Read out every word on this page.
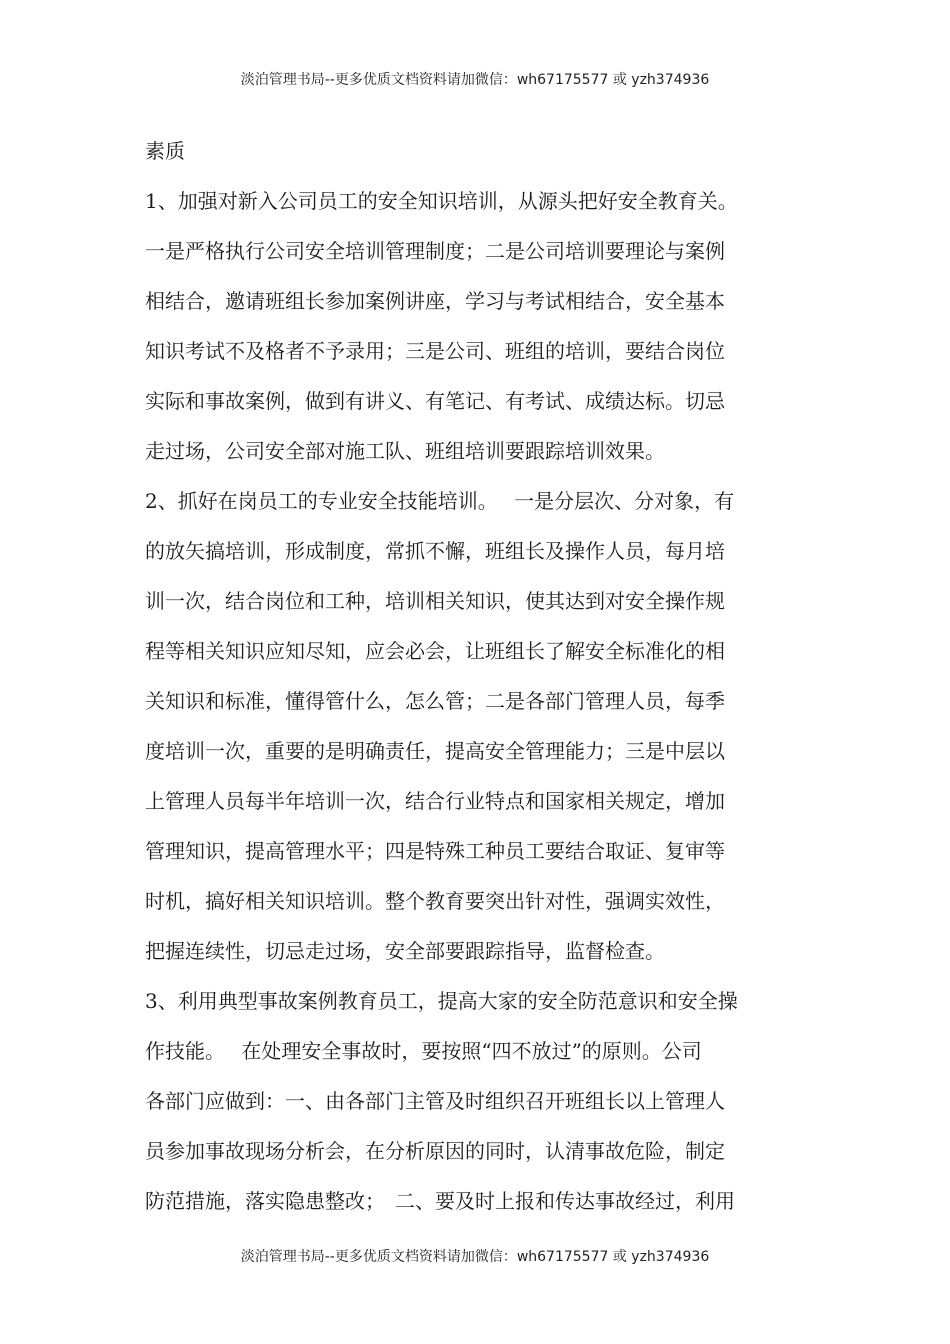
淡泊管理书局--更多优质文档资料请加微信：wh67175577 或 yzh374936
素质
1、加强对新入公司员工的安全知识培训，从源头把好安全教育关。
一是严格执行公司安全培训管理制度；二是公司培训要理论与案例
相结合，邀请班组长参加案例讲座，学习与考试相结合，安全基本
知识考试不及格者不予录用；三是公司、班组的培训，要结合岗位
实际和事故案例，做到有讲义、有笔记、有考试、成绩达标。切忌
走过场，公司安全部对施工队、班组培训要跟踪培训效果。
2、抓好在岗员工的专业安全技能培训。　 一是分层次、分对象，有
的放矢搞培训，形成制度，常抓不懈，班组长及操作人员，每月培
训一次，结合岗位和工种，培训相关知识，使其达到对安全操作规
程等相关知识应知尽知，应会必会，让班组长了解安全标准化的相
关知识和标准，懂得管什么，怎么管；二是各部门管理人员，每季
度培训一次，重要的是明确责任，提高安全管理能力；三是中层以
上管理人员每半年培训一次，结合行业特点和国家相关规定，增加
管理知识，提高管理水平；四是特殊工种员工要结合取证、复审等
时机，搞好相关知识培训。整个教育要突出针对性，强调实效性，
把握连续性，切忌走过场，安全部要跟踪指导，监督检查。
3、利用典型事故案例教育员工，提高大家的安全防范意识和安全操
作技能。　 在处理安全事故时，要按照“四不放过”的原则。公司
各部门应做到：一、由各部门主管及时组织召开班组长以上管理人
员参加事故现场分析会，在分析原因的同时，认清事故危险，制定
防范措施，落实隐患整改；　二、要及时上报和传达事故经过，利用
淡泊管理书局--更多优质文档资料请加微信：wh67175577 或 yzh374936
